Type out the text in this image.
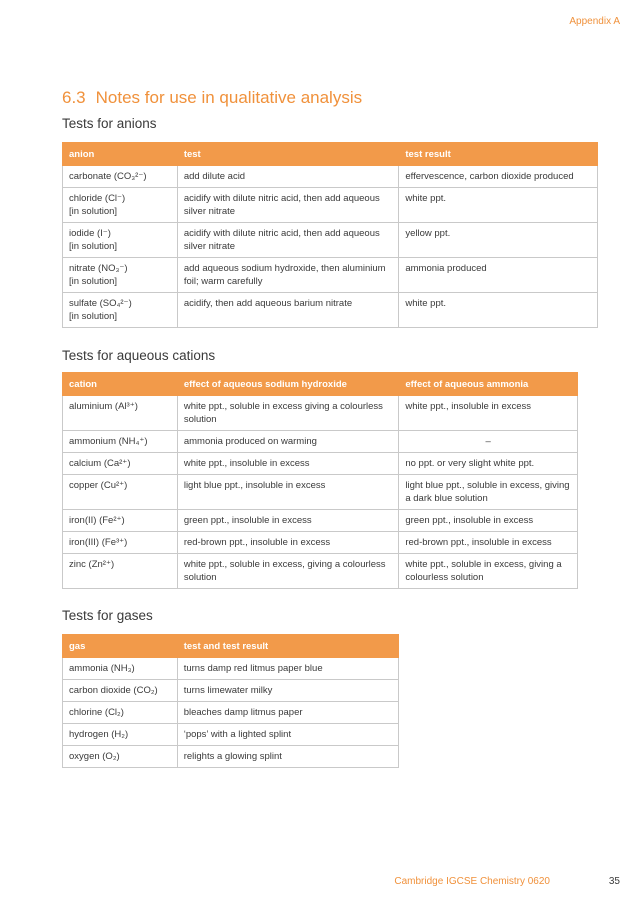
Appendix A
6.3 Notes for use in qualitative analysis
Tests for anions
anion	test	test result
carbonate (CO₃²⁻)	add dilute acid	effervescence, carbon dioxide produced
chloride (Cl⁻)
[in solution]	acidify with dilute nitric acid, then add aqueous silver nitrate	white ppt.
iodide (I⁻)
[in solution]	acidify with dilute nitric acid, then add aqueous silver nitrate	yellow ppt.
nitrate (NO₃⁻)
[in solution]	add aqueous sodium hydroxide, then aluminium foil; warm carefully	ammonia produced
sulfate (SO₄²⁻)
[in solution]	acidify, then add aqueous barium nitrate	white ppt.
Tests for aqueous cations
cation	effect of aqueous sodium hydroxide	effect of aqueous ammonia
aluminium (Al³⁺)	white ppt., soluble in excess giving a colourless solution	white ppt., insoluble in excess
ammonium (NH₄⁺)	ammonia produced on warming	–
calcium (Ca²⁺)	white ppt., insoluble in excess	no ppt. or very slight white ppt.
copper (Cu²⁺)	light blue ppt., insoluble in excess	light blue ppt., soluble in excess, giving a dark blue solution
iron(II) (Fe²⁺)	green ppt., insoluble in excess	green ppt., insoluble in excess
iron(III) (Fe³⁺)	red-brown ppt., insoluble in excess	red-brown ppt., insoluble in excess
zinc (Zn²⁺)	white ppt., soluble in excess, giving a colourless solution	white ppt., soluble in excess, giving a colourless solution
Tests for gases
gas	test and test result
ammonia (NH₃)	turns damp red litmus paper blue
carbon dioxide (CO₂)	turns limewater milky
chlorine (Cl₂)	bleaches damp litmus paper
hydrogen (H₂)	‘pops’ with a lighted splint
oxygen (O₂)	relights a glowing splint
Cambridge IGCSE Chemistry 0620	35
